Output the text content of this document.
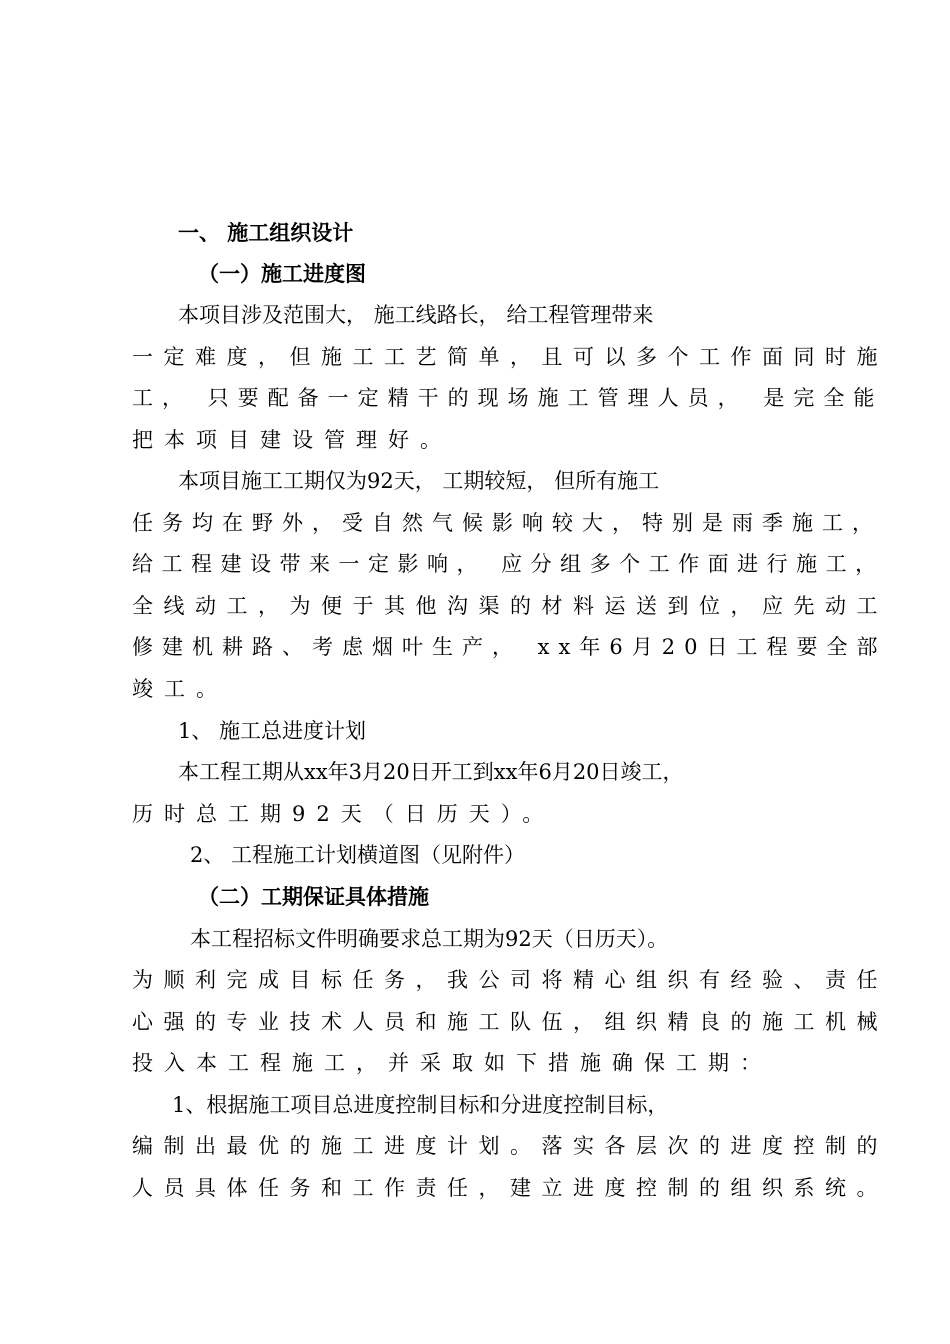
一、 施工组织设计
（一）施工进度图
本项目涉及范围大， 施工线路长， 给工程管理带来
一定难度，但施工工艺简单，且可以多个工作面同时施
工， 只要配备一定精干的现场施工管理人员， 是完全能
把本项目建设管理好。
本项目施工工期仅为92天， 工期较短， 但所有施工
任务均在野外，受自然气候影响较大，特别是雨季施工，
给工程建设带来一定影响， 应分组多个工作面进行施工，
全线动工，为便于其他沟渠的材料运送到位，应先动工
修建机耕路、考虑烟叶生产， xx年6月20日工程要全部
竣工。
1、 施工总进度计划
本工程工期从xx年3月20日开工到xx年6月20日竣工，
历时总工期92天（日历天）。
2、 工程施工计划横道图（见附件）
（二）工期保证具体措施
本工程招标文件明确要求总工期为92天（日历天）。
为顺利完成目标任务，我公司将精心组织有经验、责任
心强的专业技术人员和施工队伍，组织精良的施工机械
投入本工程施工，并采取如下措施确保工期：
1、根据施工项目总进度控制目标和分进度控制目标，
编制出最优的施工进度计划。落实各层次的进度控制的
人员具体任务和工作责任，建立进度控制的组织系统。
